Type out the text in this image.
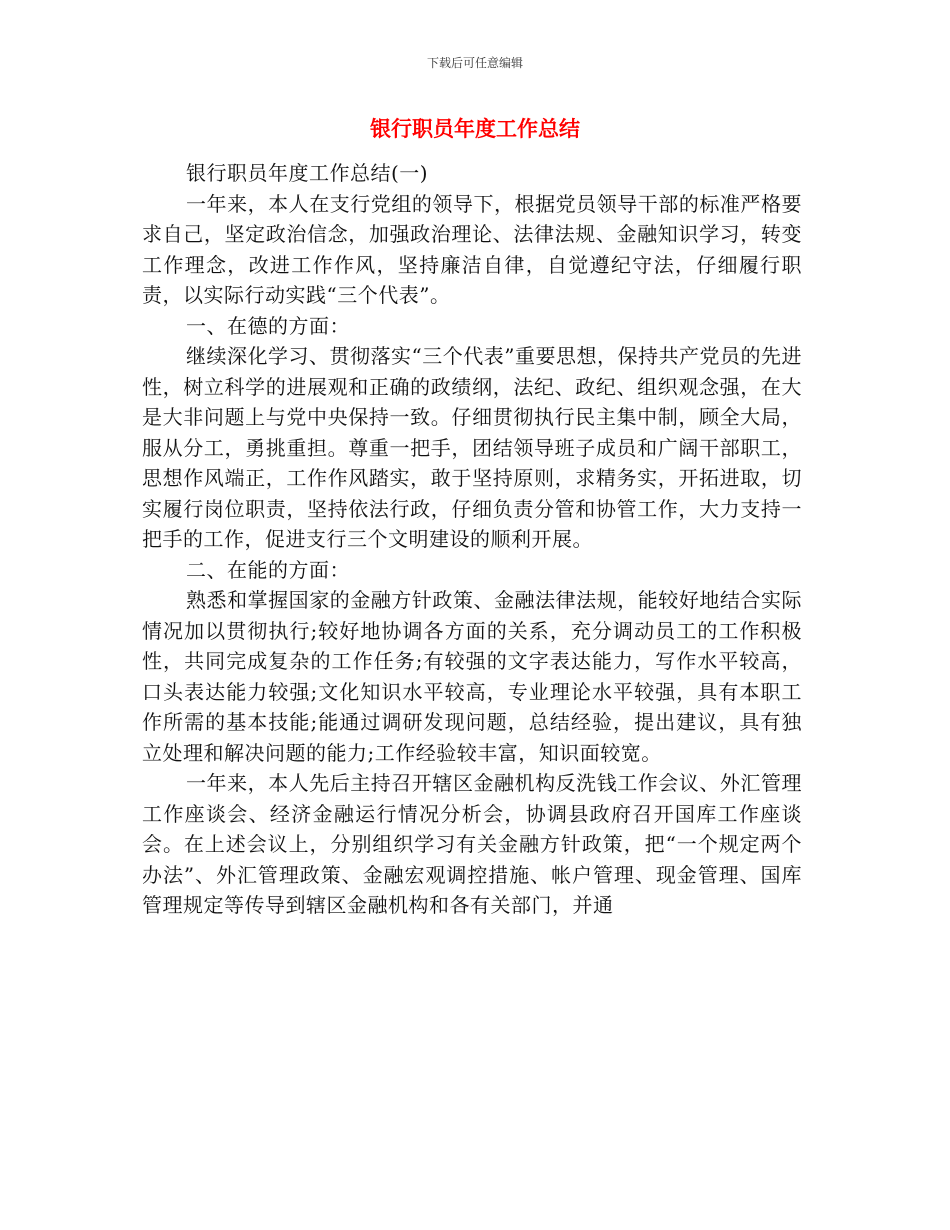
下载后可任意编辑
银行职员年度工作总结

银行职员年度工作总结(一)

一年来，本人在支行党组的领导下，根据党员领导干部的标准严格要求自己，坚定政治信念，加强政治理论、法律法规、金融知识学习，转变工作理念，改进工作作风，坚持廉洁自律，自觉遵纪守法，仔细履行职责，以实际行动实践“三个代表”。

一、在德的方面：

继续深化学习、贯彻落实“三个代表”重要思想，保持共产党员的先进性，树立科学的进展观和正确的政绩纲，法纪、政纪、组织观念强，在大是大非问题上与党中央保持一致。仔细贯彻执行民主集中制，顾全大局，服从分工，勇挑重担。尊重一把手，团结领导班子成员和广阔干部职工，思想作风端正，工作作风踏实，敢于坚持原则，求精务实，开拓进取，切实履行岗位职责，坚持依法行政，仔细负责分管和协管工作，大力支持一把手的工作，促进支行三个文明建设的顺利开展。

二、在能的方面：

熟悉和掌握国家的金融方针政策、金融法律法规，能较好地结合实际情况加以贯彻执行;较好地协调各方面的关系，充分调动员工的工作积极性，共同完成复杂的工作任务;有较强的文字表达能力，写作水平较高，口头表达能力较强;文化知识水平较高，专业理论水平较强，具有本职工作所需的基本技能;能通过调研发现问题，总结经验，提出建议，具有独立处理和解决问题的能力;工作经验较丰富，知识面较宽。

一年来，本人先后主持召开辖区金融机构反洗钱工作会议、外汇管理工作座谈会、经济金融运行情况分析会，协调县政府召开国库工作座谈会。在上述会议上，分别组织学习有关金融方针政策，把“一个规定两个办法”、外汇管理政策、金融宏观调控措施、帐户管理、现金管理、国库管理规定等传导到辖区金融机构和各有关部门，并通
